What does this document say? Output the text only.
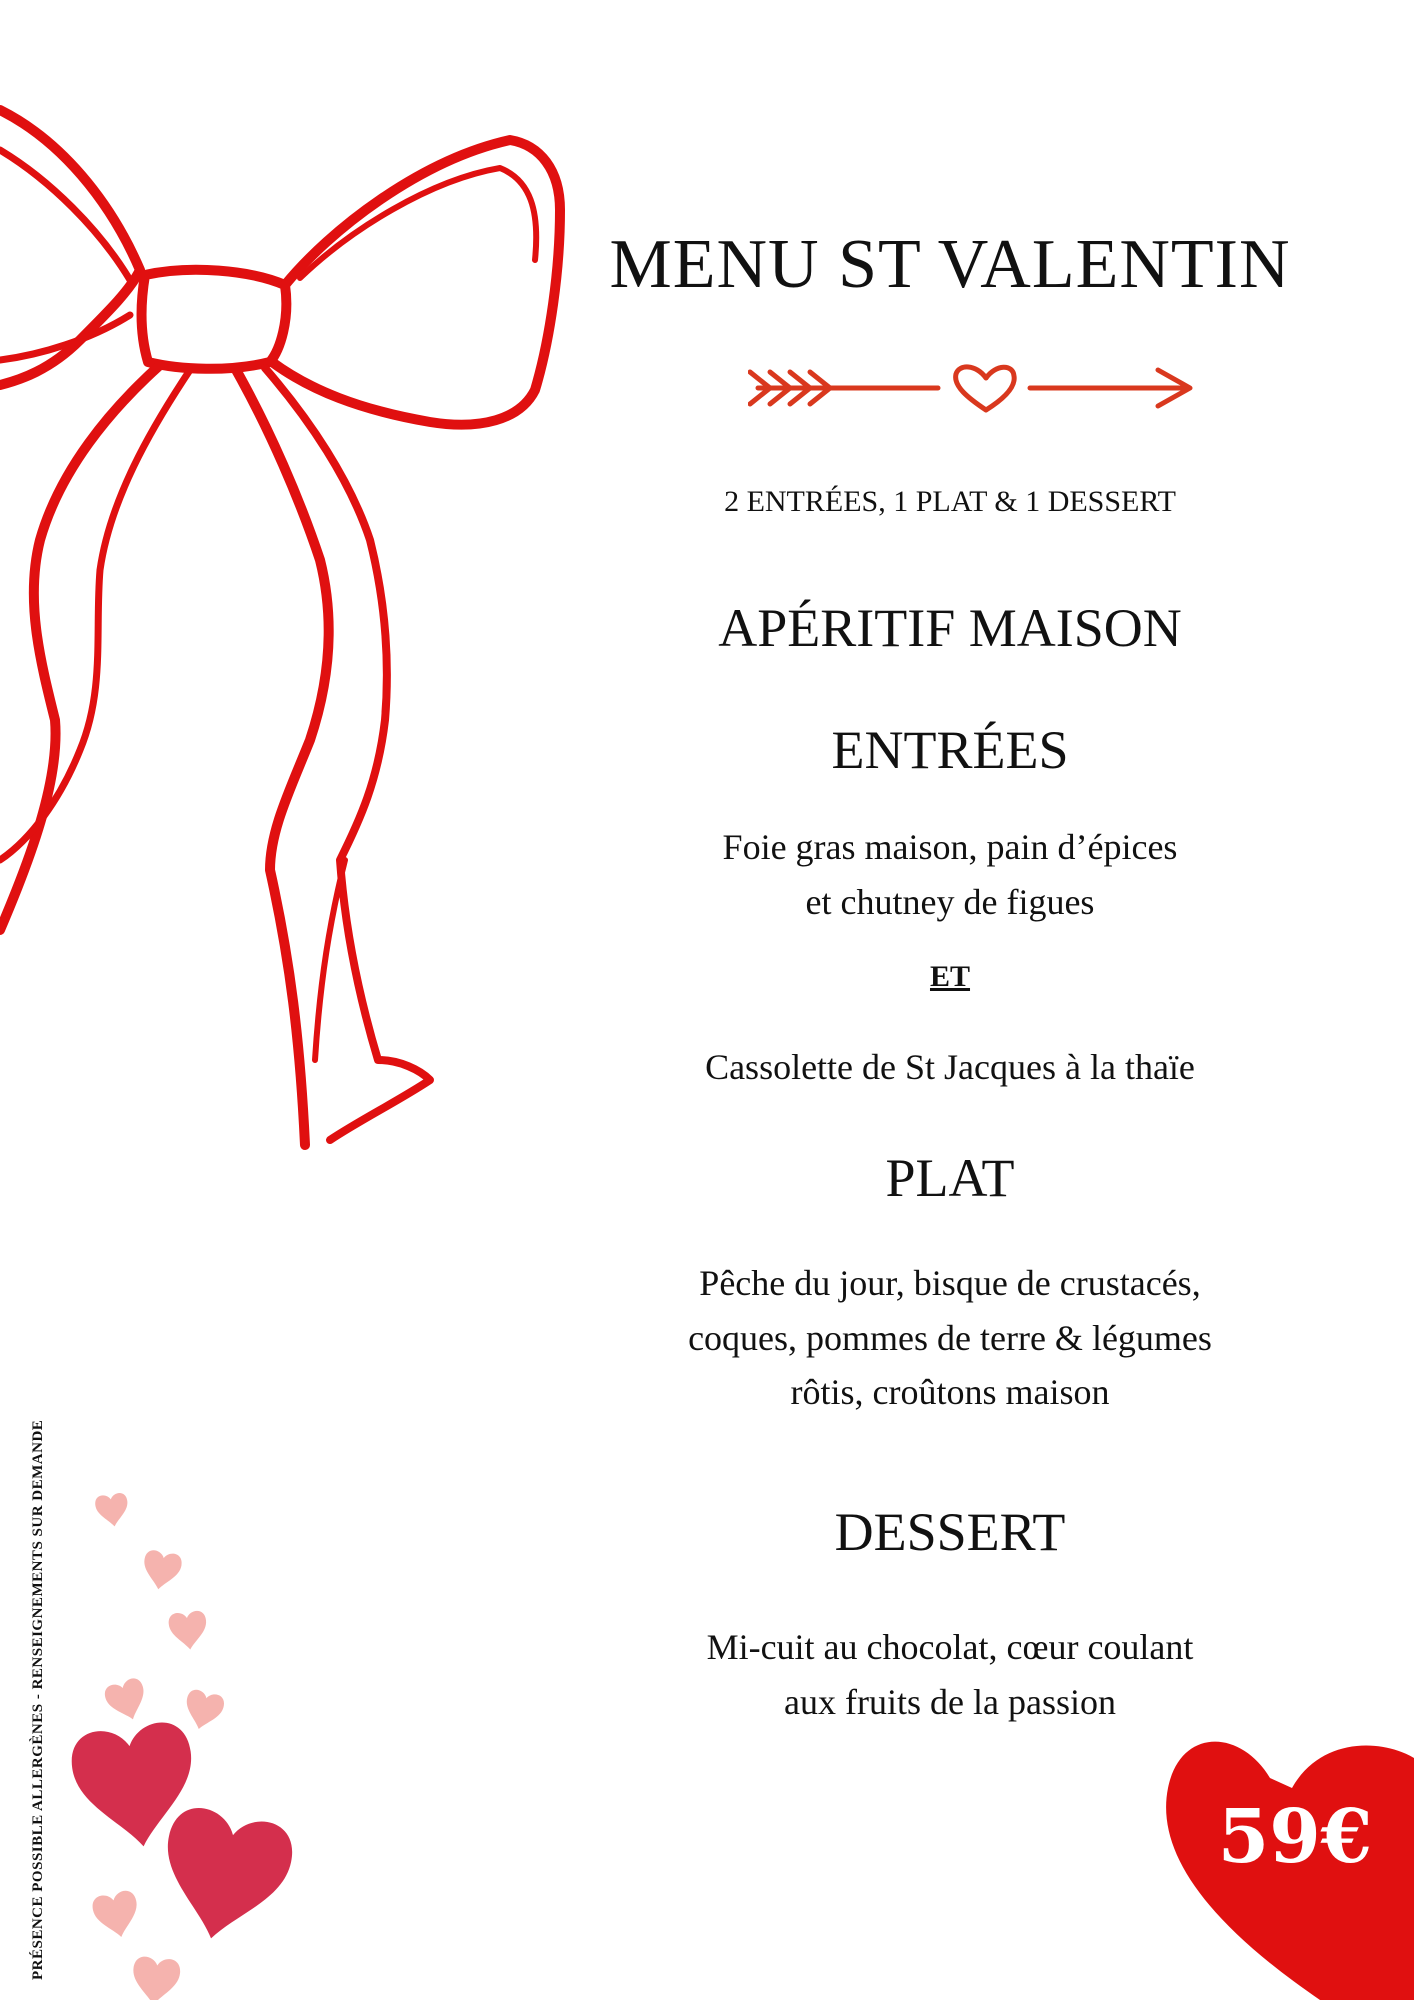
MENU ST VALENTIN
2 ENTRÉES, 1 PLAT & 1 DESSERT
APÉRITIF MAISON
ENTRÉES
Foie gras maison, pain d’épices
et chutney de figues
ET
Cassolette de St Jacques à la thaïe
PLAT
Pêche du jour, bisque de crustacés,
coques, pommes de terre & légumes
rôtis, croûtons maison
DESSERT
Mi-cuit au chocolat, cœur coulant
aux fruits de la passion
PRÉSENCE POSSIBLE ALLERGÈNES - RENSEIGNEMENTS SUR DEMANDE	59€
